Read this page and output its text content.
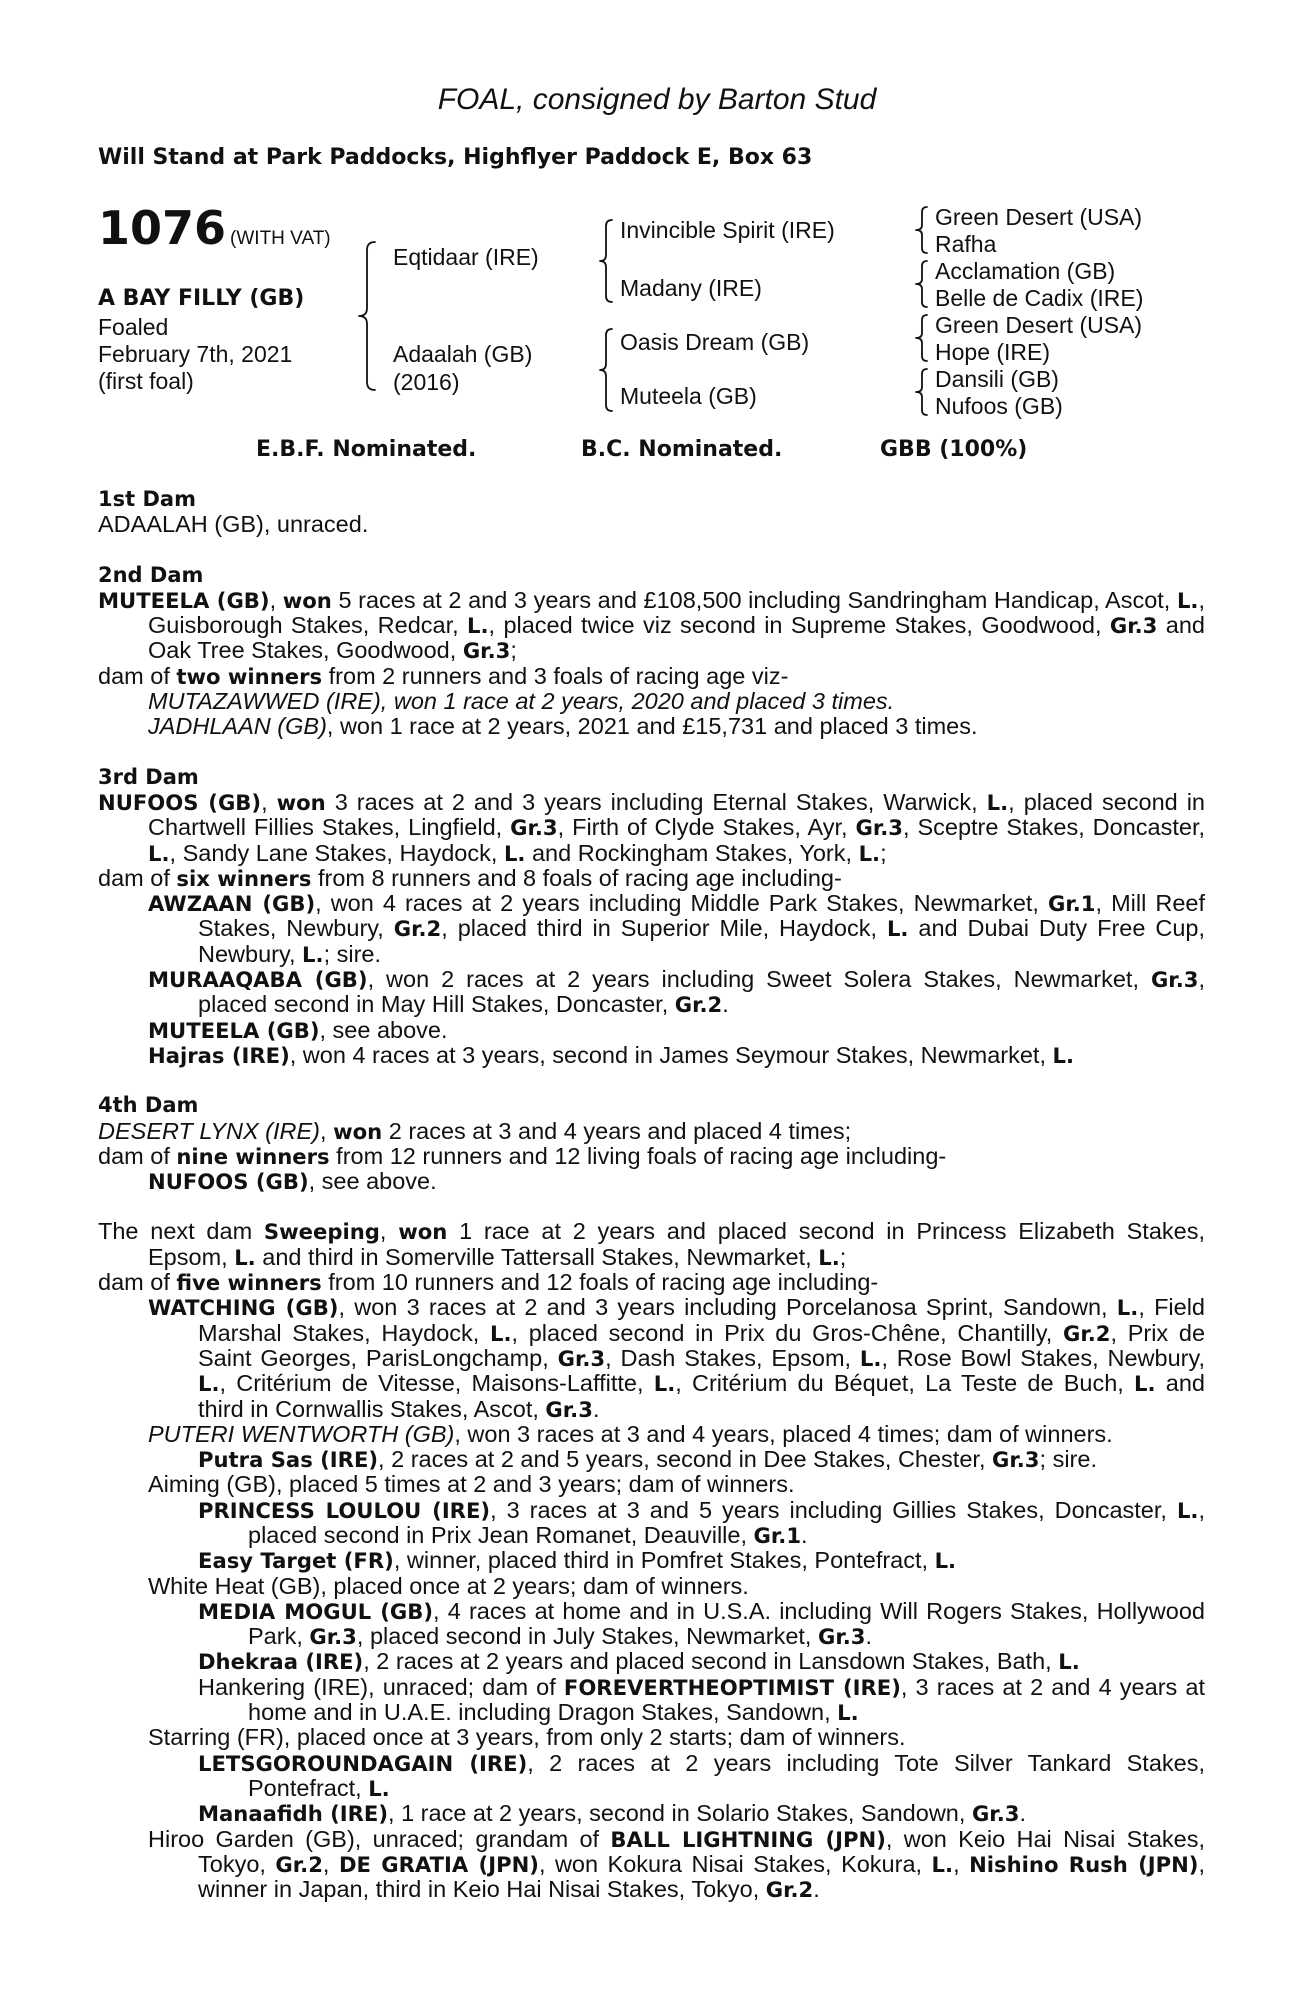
FOAL, consigned by Barton Stud
Will Stand at Park Paddocks, Highflyer Paddock E, Box 63
1076 (WITH VAT)
A BAY FILLY (GB)
Foaled
February 7th, 2021
(first foal)
Eqtidaar (IRE)
Adaalah (GB)
(2016)
Invincible Spirit (IRE)
Madany (IRE)
Oasis Dream (GB)
Muteela (GB)
Green Desert (USA)
Rafha
Acclamation (GB)
Belle de Cadix (IRE)
Green Desert (USA)
Hope (IRE)
Dansili (GB)
Nufoos (GB)
E.B.F. Nominated.	B.C. Nominated.	GBB (100%)
1st Dam
ADAALAH (GB), unraced.
2nd Dam
MUTEELA (GB), won 5 races at 2 and 3 years and £108,500 including Sandringham Handicap, Ascot, L., Guisborough Stakes, Redcar, L., placed twice viz second in Supreme Stakes, Goodwood, Gr.3 and Oak Tree Stakes, Goodwood, Gr.3;
dam of two winners from 2 runners and 3 foals of racing age viz-
MUTAZAWWED (IRE), won 1 race at 2 years, 2020 and placed 3 times.
JADHLAAN (GB), won 1 race at 2 years, 2021 and £15,731 and placed 3 times.
3rd Dam
NUFOOS (GB), won 3 races at 2 and 3 years including Eternal Stakes, Warwick, L., placed second in Chartwell Fillies Stakes, Lingfield, Gr.3, Firth of Clyde Stakes, Ayr, Gr.3, Sceptre Stakes, Doncaster, L., Sandy Lane Stakes, Haydock, L. and Rockingham Stakes, York, L.;
dam of six winners from 8 runners and 8 foals of racing age including-
AWZAAN (GB), won 4 races at 2 years including Middle Park Stakes, Newmarket, Gr.1, Mill Reef Stakes, Newbury, Gr.2, placed third in Superior Mile, Haydock, L. and Dubai Duty Free Cup, Newbury, L.; sire.
MURAAQABA (GB), won 2 races at 2 years including Sweet Solera Stakes, Newmarket, Gr.3, placed second in May Hill Stakes, Doncaster, Gr.2.
MUTEELA (GB), see above.
Hajras (IRE), won 4 races at 3 years, second in James Seymour Stakes, Newmarket, L.
4th Dam
DESERT LYNX (IRE), won 2 races at 3 and 4 years and placed 4 times;
dam of nine winners from 12 runners and 12 living foals of racing age including-
NUFOOS (GB), see above.
The next dam Sweeping, won 1 race at 2 years and placed second in Princess Elizabeth Stakes, Epsom, L. and third in Somerville Tattersall Stakes, Newmarket, L.;
dam of five winners from 10 runners and 12 foals of racing age including-
WATCHING (GB), won 3 races at 2 and 3 years including Porcelanosa Sprint, Sandown, L., Field Marshal Stakes, Haydock, L., placed second in Prix du Gros-Chêne, Chantilly, Gr.2, Prix de Saint Georges, ParisLongchamp, Gr.3, Dash Stakes, Epsom, L., Rose Bowl Stakes, Newbury, L., Critérium de Vitesse, Maisons-Laffitte, L., Critérium du Béquet, La Teste de Buch, L. and third in Cornwallis Stakes, Ascot, Gr.3.
PUTERI WENTWORTH (GB), won 3 races at 3 and 4 years, placed 4 times; dam of winners.
Putra Sas (IRE), 2 races at 2 and 5 years, second in Dee Stakes, Chester, Gr.3; sire.
Aiming (GB), placed 5 times at 2 and 3 years; dam of winners.
PRINCESS LOULOU (IRE), 3 races at 3 and 5 years including Gillies Stakes, Doncaster, L., placed second in Prix Jean Romanet, Deauville, Gr.1.
Easy Target (FR), winner, placed third in Pomfret Stakes, Pontefract, L.
White Heat (GB), placed once at 2 years; dam of winners.
MEDIA MOGUL (GB), 4 races at home and in U.S.A. including Will Rogers Stakes, Hollywood Park, Gr.3, placed second in July Stakes, Newmarket, Gr.3.
Dhekraa (IRE), 2 races at 2 years and placed second in Lansdown Stakes, Bath, L.
Hankering (IRE), unraced; dam of FOREVERTHEOPTIMIST (IRE), 3 races at 2 and 4 years at home and in U.A.E. including Dragon Stakes, Sandown, L.
Starring (FR), placed once at 3 years, from only 2 starts; dam of winners.
LETSGOROUNDAGAIN (IRE), 2 races at 2 years including Tote Silver Tankard Stakes, Pontefract, L.
Manaafidh (IRE), 1 race at 2 years, second in Solario Stakes, Sandown, Gr.3.
Hiroo Garden (GB), unraced; grandam of BALL LIGHTNING (JPN), won Keio Hai Nisai Stakes, Tokyo, Gr.2, DE GRATIA (JPN), won Kokura Nisai Stakes, Kokura, L., Nishino Rush (JPN), winner in Japan, third in Keio Hai Nisai Stakes, Tokyo, Gr.2.
